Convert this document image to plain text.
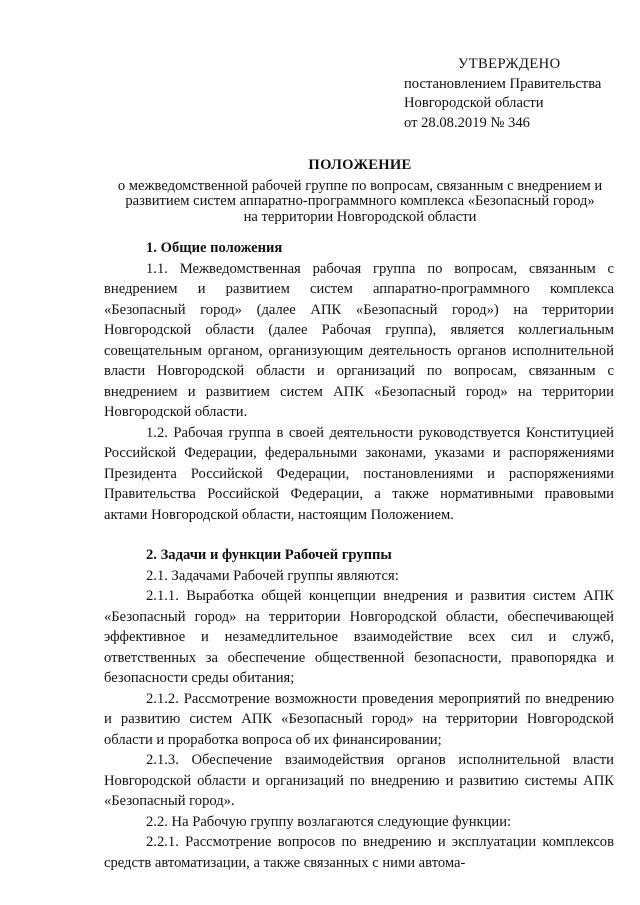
УТВЕРЖДЕНО
постановлением Правительства
Новгородской области
от 28.08.2019 № 346
ПОЛОЖЕНИЕ
о межведомственной рабочей группе по вопросам, связанным с внедрением и
развитием систем аппаратно-программного комплекса «Безопасный город»
на территории Новгородской области

1. Общие положения

1.1. Межведомственная рабочая группа по вопросам, связанным с внедрением и развитием систем аппаратно-программного комплекса «Безопасный город» (далее АПК «Безопасный город») на территории Новгородской области (далее Рабочая группа), является коллегиальным совещательным органом, организующим деятельность органов исполнительной власти Новгородской области и организаций по вопросам, связанным с внедрением и развитием систем АПК «Безопасный город» на территории Новгородской области.

1.2. Рабочая группа в своей деятельности руководствуется Конституцией Российской Федерации, федеральными законами, указами и распоряжениями Президента Российской Федерации, постановлениями и распоряжениями Правительства Российской Федерации, а также нормативными правовыми актами Новгородской области, настоящим Положением.

2. Задачи и функции Рабочей группы

2.1. Задачами Рабочей группы являются:

2.1.1. Выработка общей концепции внедрения и развития систем АПК «Безопасный город» на территории Новгородской области, обеспечивающей эффективное и незамедлительное взаимодействие всех сил и служб, ответственных за обеспечение общественной безопасности, правопорядка и безопасности среды обитания;

2.1.2. Рассмотрение возможности проведения мероприятий по внедрению и развитию систем АПК «Безопасный город» на территории Новгородской области и проработка вопроса об их финансировании;

2.1.3. Обеспечение взаимодействия органов исполнительной власти Новгородской области и организаций по внедрению и развитию системы АПК «Безопасный город».

2.2. На Рабочую группу возлагаются следующие функции:

2.2.1. Рассмотрение вопросов по внедрению и эксплуатации комплексов средств автоматизации, а также связанных с ними автома-
